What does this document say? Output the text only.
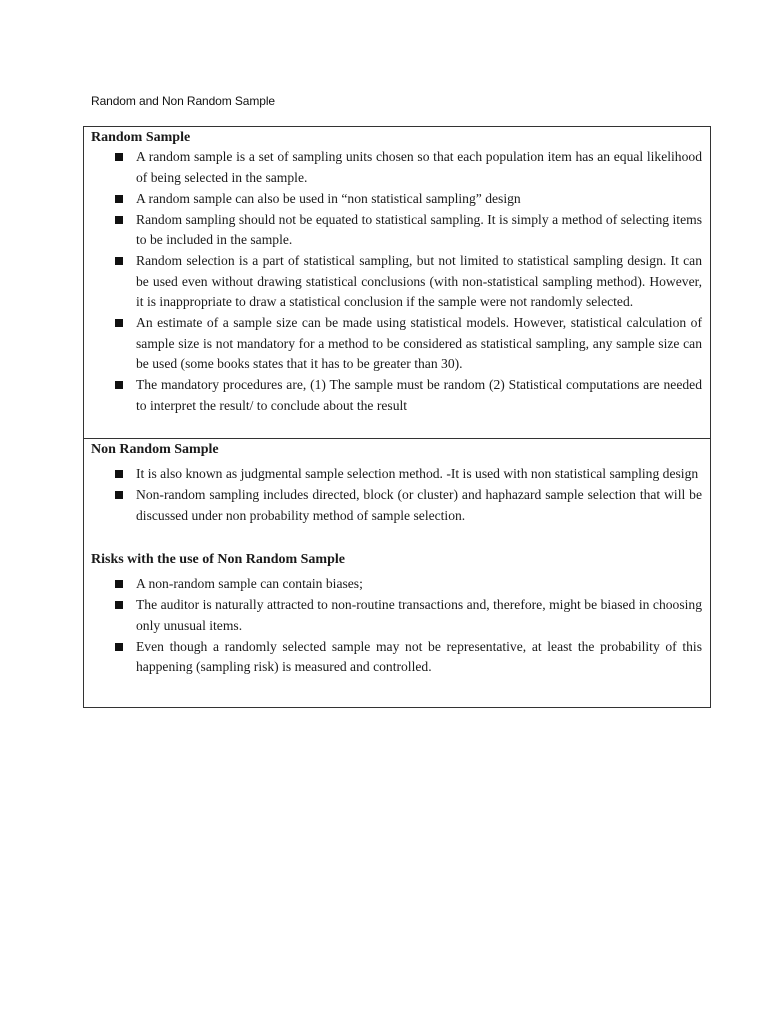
Random and Non Random Sample

Random Sample

A random sample is a set of sampling units chosen so that each population item has an equal likelihood of being selected in the sample.
A random sample can also be used in “non statistical sampling” design
Random sampling should not be equated to statistical sampling. It is simply a method of selecting items to be included in the sample.
Random selection is a part of statistical sampling, but not limited to statistical sampling design. It can be used even without drawing statistical conclusions (with non-statistical sampling method). However, it is inappropriate to draw a statistical conclusion if the sample were not randomly selected.
An estimate of a sample size can be made using statistical models. However, statistical calculation of sample size is not mandatory for a method to be considered as statistical sampling, any sample size can be used (some books states that it has to be greater than 30).
The mandatory procedures are, (1) The sample must be random (2) Statistical computations are needed to interpret the result/ to conclude about the result

Non Random Sample

It is also known as judgmental sample selection method. -It is used with non statistical sampling design
Non-random sampling includes directed, block (or cluster) and haphazard sample selection that will be discussed under non probability method of sample selection.

Risks with the use of Non Random Sample

A non-random sample can contain biases;
The auditor is naturally attracted to non-routine transactions and, therefore, might be biased in choosing only unusual items.
Even though a randomly selected sample may not be representative, at least the probability of this happening (sampling risk) is measured and controlled.
